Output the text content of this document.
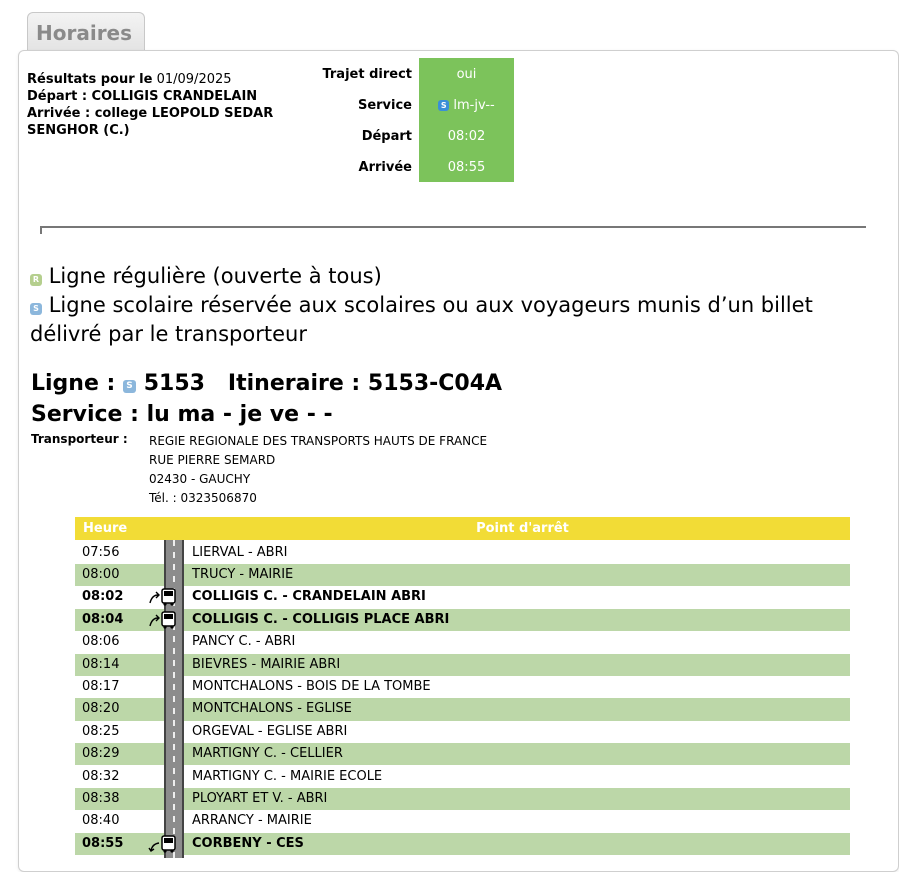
Horaires
Résultats pour le 01/09/2025
Départ : COLLIGIS CRANDELAIN
Arrivée : college LEOPOLD SEDAR
SENGHOR (C.)
Trajet direct	oui
Service	S lm-jv--
Départ	08:02
Arrivée	08:55
R Ligne régulière (ouverte à tous)
S Ligne scolaire réservée aux scolaires ou aux voyageurs munis d’un billet délivré par le transporteur
Ligne : S 5153 Itineraire : 5153-C04A
Service : lu ma - je ve - -
Transporteur : REGIE REGIONALE DES TRANSPORTS HAUTS DE FRANCE
RUE PIERRE SEMARD
02430 - GAUCHY
Tél. : 0323506870
Heure	Point d'arrêt
07:56	LIERVAL - ABRI
08:00	TRUCY - MAIRIE
08:02	COLLIGIS C. - CRANDELAIN ABRI
08:04	COLLIGIS C. - COLLIGIS PLACE ABRI
08:06	PANCY C. - ABRI
08:14	BIEVRES - MAIRIE ABRI
08:17	MONTCHALONS - BOIS DE LA TOMBE
08:20	MONTCHALONS - EGLISE
08:25	ORGEVAL - EGLISE ABRI
08:29	MARTIGNY C. - CELLIER
08:32	MARTIGNY C. - MAIRIE ECOLE
08:38	PLOYART ET V. - ABRI
08:40	ARRANCY - MAIRIE
08:55	CORBENY - CES
